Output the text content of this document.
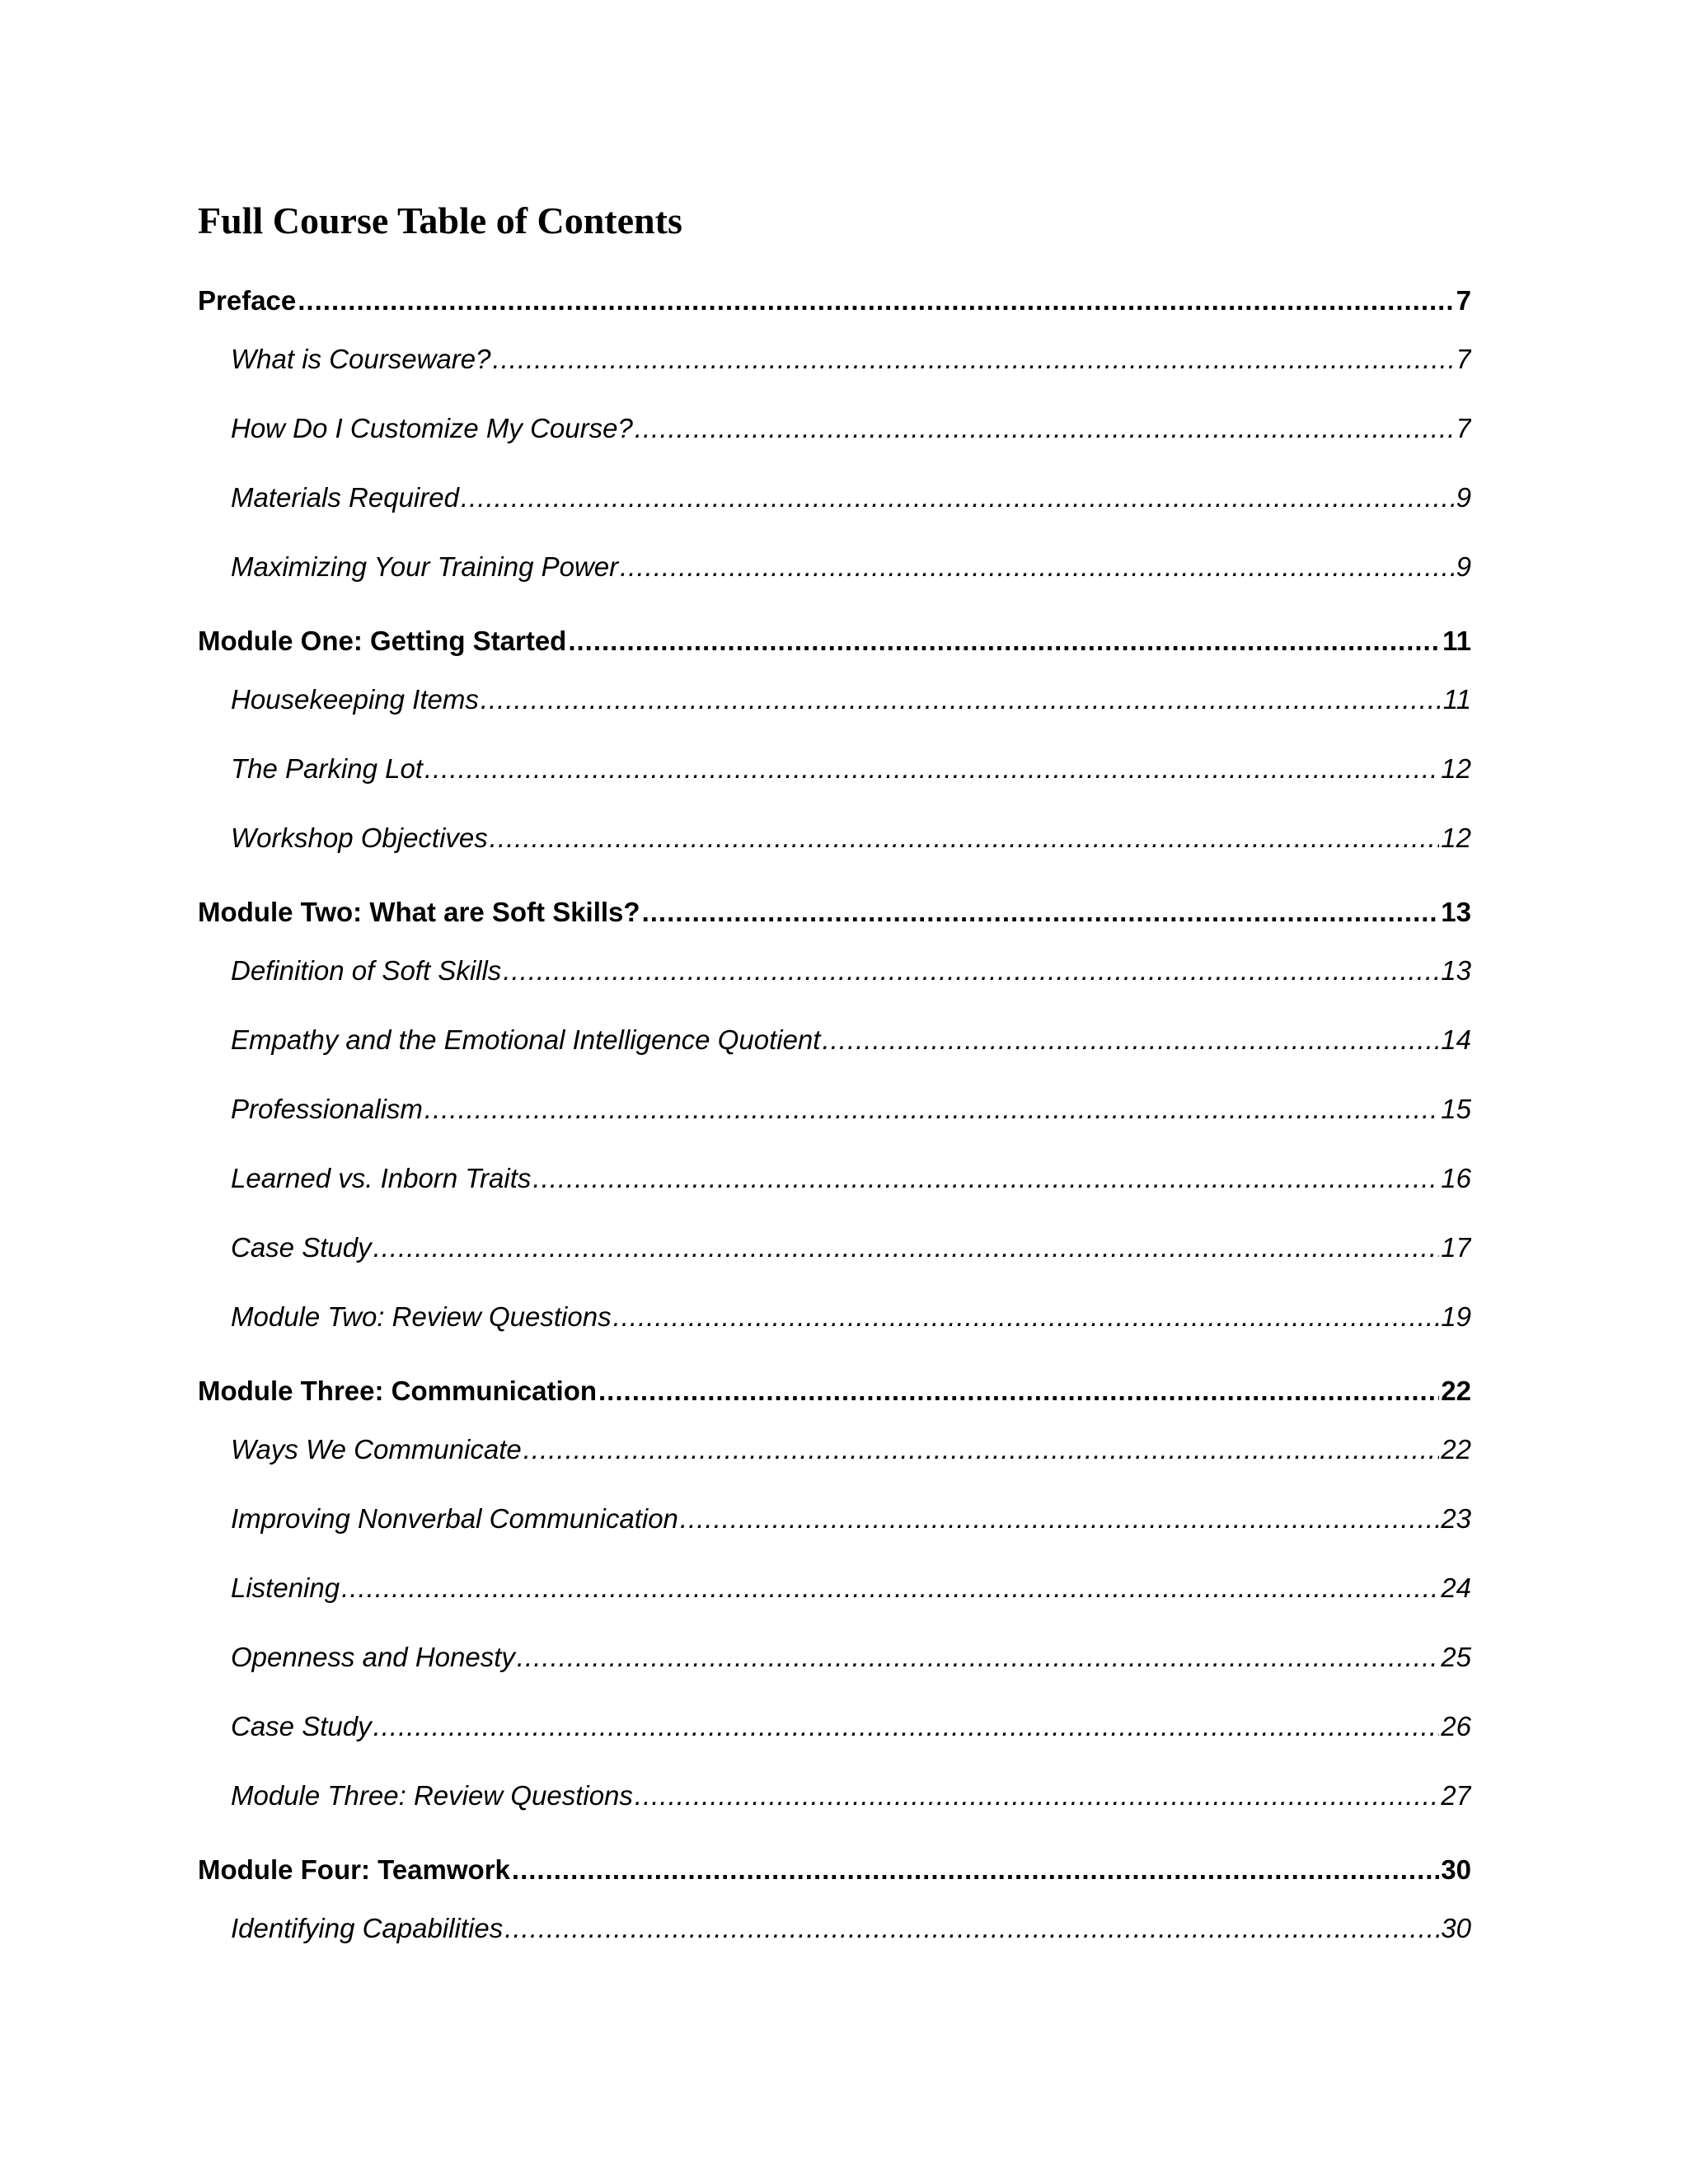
Full Course Table of Contents
Preface .....	7
What is Courseware? .....	7
How Do I Customize My Course? .....	7
Materials Required .....	9
Maximizing Your Training Power .....	9
Module One: Getting Started .....	11
Housekeeping Items .....	11
The Parking Lot .....	12
Workshop Objectives .....	12
Module Two: What are Soft Skills? .....	13
Definition of Soft Skills .....	13
Empathy and the Emotional Intelligence Quotient .....	14
Professionalism .....	15
Learned vs. Inborn Traits .....	16
Case Study .....	17
Module Two: Review Questions .....	19
Module Three: Communication .....	22
Ways We Communicate .....	22
Improving Nonverbal Communication .....	23
Listening .....	24
Openness and Honesty .....	25
Case Study .....	26
Module Three: Review Questions .....	27
Module Four: Teamwork .....	30
Identifying Capabilities .....	30
